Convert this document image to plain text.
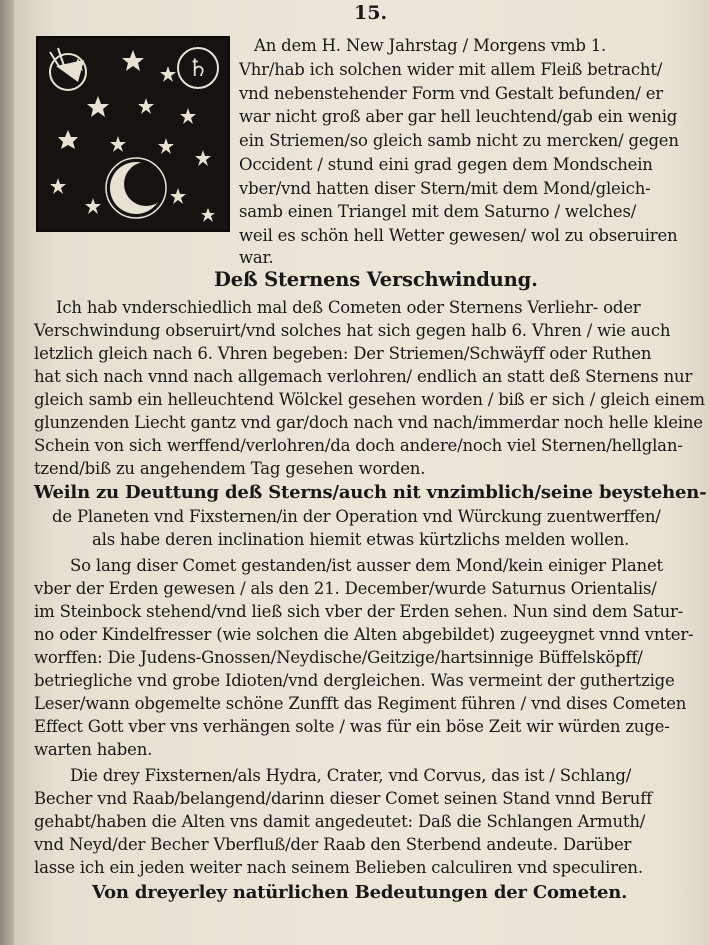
15.
♄
An dem H. New Jahrstag / Morgens vmb 1.
Vhr/hab ich solchen wider mit allem Fleiß betracht/
vnd nebenstehender Form vnd Gestalt befunden/ er
war nicht groß aber gar hell leuchtend/gab ein wenig
ein Striemen/so gleich samb nicht zu mercken/ gegen
Occident / stund eini grad gegen dem Mondschein
vber/vnd hatten diser Stern/mit dem Mond/gleich-
samb einen Triangel mit dem Saturno / welches/
weil es schön hell Wetter gewesen/ wol zu obseruiren
war.
Deß Sternens Verschwindung.
Ich hab vnderschiedlich mal deß Cometen oder Sternens Verliehr- oder
Verschwindung obseruirt/vnd solches hat sich gegen halb 6. Vhren / wie auch
letzlich gleich nach 6. Vhren begeben: Der Striemen/Schwäyff oder Ruthen
hat sich nach vnnd nach allgemach verlohren/ endlich an statt deß Sternens nur
gleich samb ein helleuchtend Wölckel gesehen worden / biß er sich / gleich einem
glunzenden Liecht gantz vnd gar/doch nach vnd nach/immerdar noch helle kleine
Schein von sich werffend/verlohren/da doch andere/noch viel Sternen/hellglan-
tzend/biß zu angehendem Tag gesehen worden.
Weiln zu Deuttung deß Sterns/auch nit vnzimblich/seine beystehen-
de Planeten vnd Fixsternen/in der Operation vnd Würckung zuentwerffen/
als habe deren inclination hiemit etwas kürtzlichs melden wollen.
So lang diser Comet gestanden/ist ausser dem Mond/kein einiger Planet
vber der Erden gewesen / als den 21. December/wurde Saturnus Orientalis/
im Steinbock stehend/vnd ließ sich vber der Erden sehen. Nun sind dem Satur-
no oder Kindelfresser (wie solchen die Alten abgebildet) zugeeygnet vnnd vnter-
worffen: Die Judens-Gnossen/Neydische/Geitzige/hartsinnige Büffelsköpff/
betriegliche vnd grobe Idioten/vnd dergleichen. Was vermeint der guthertzige
Leser/wann obgemelte schöne Zunfft das Regiment führen / vnd dises Cometen
Effect Gott vber vns verhängen solte / was für ein böse Zeit wir würden zuge-
warten haben.
Die drey Fixsternen/als Hydra, Crater, vnd Corvus, das ist / Schlang/
Becher vnd Raab/belangend/darinn dieser Comet seinen Stand vnnd Beruff
gehabt/haben die Alten vns damit angedeutet: Daß die Schlangen Armuth/
vnd Neyd/der Becher Vberfluß/der Raab den Sterbend andeute. Darüber
lasse ich ein jeden weiter nach seinem Belieben calculiren vnd speculiren.
Von dreyerley natürlichen Bedeutungen der Cometen.
